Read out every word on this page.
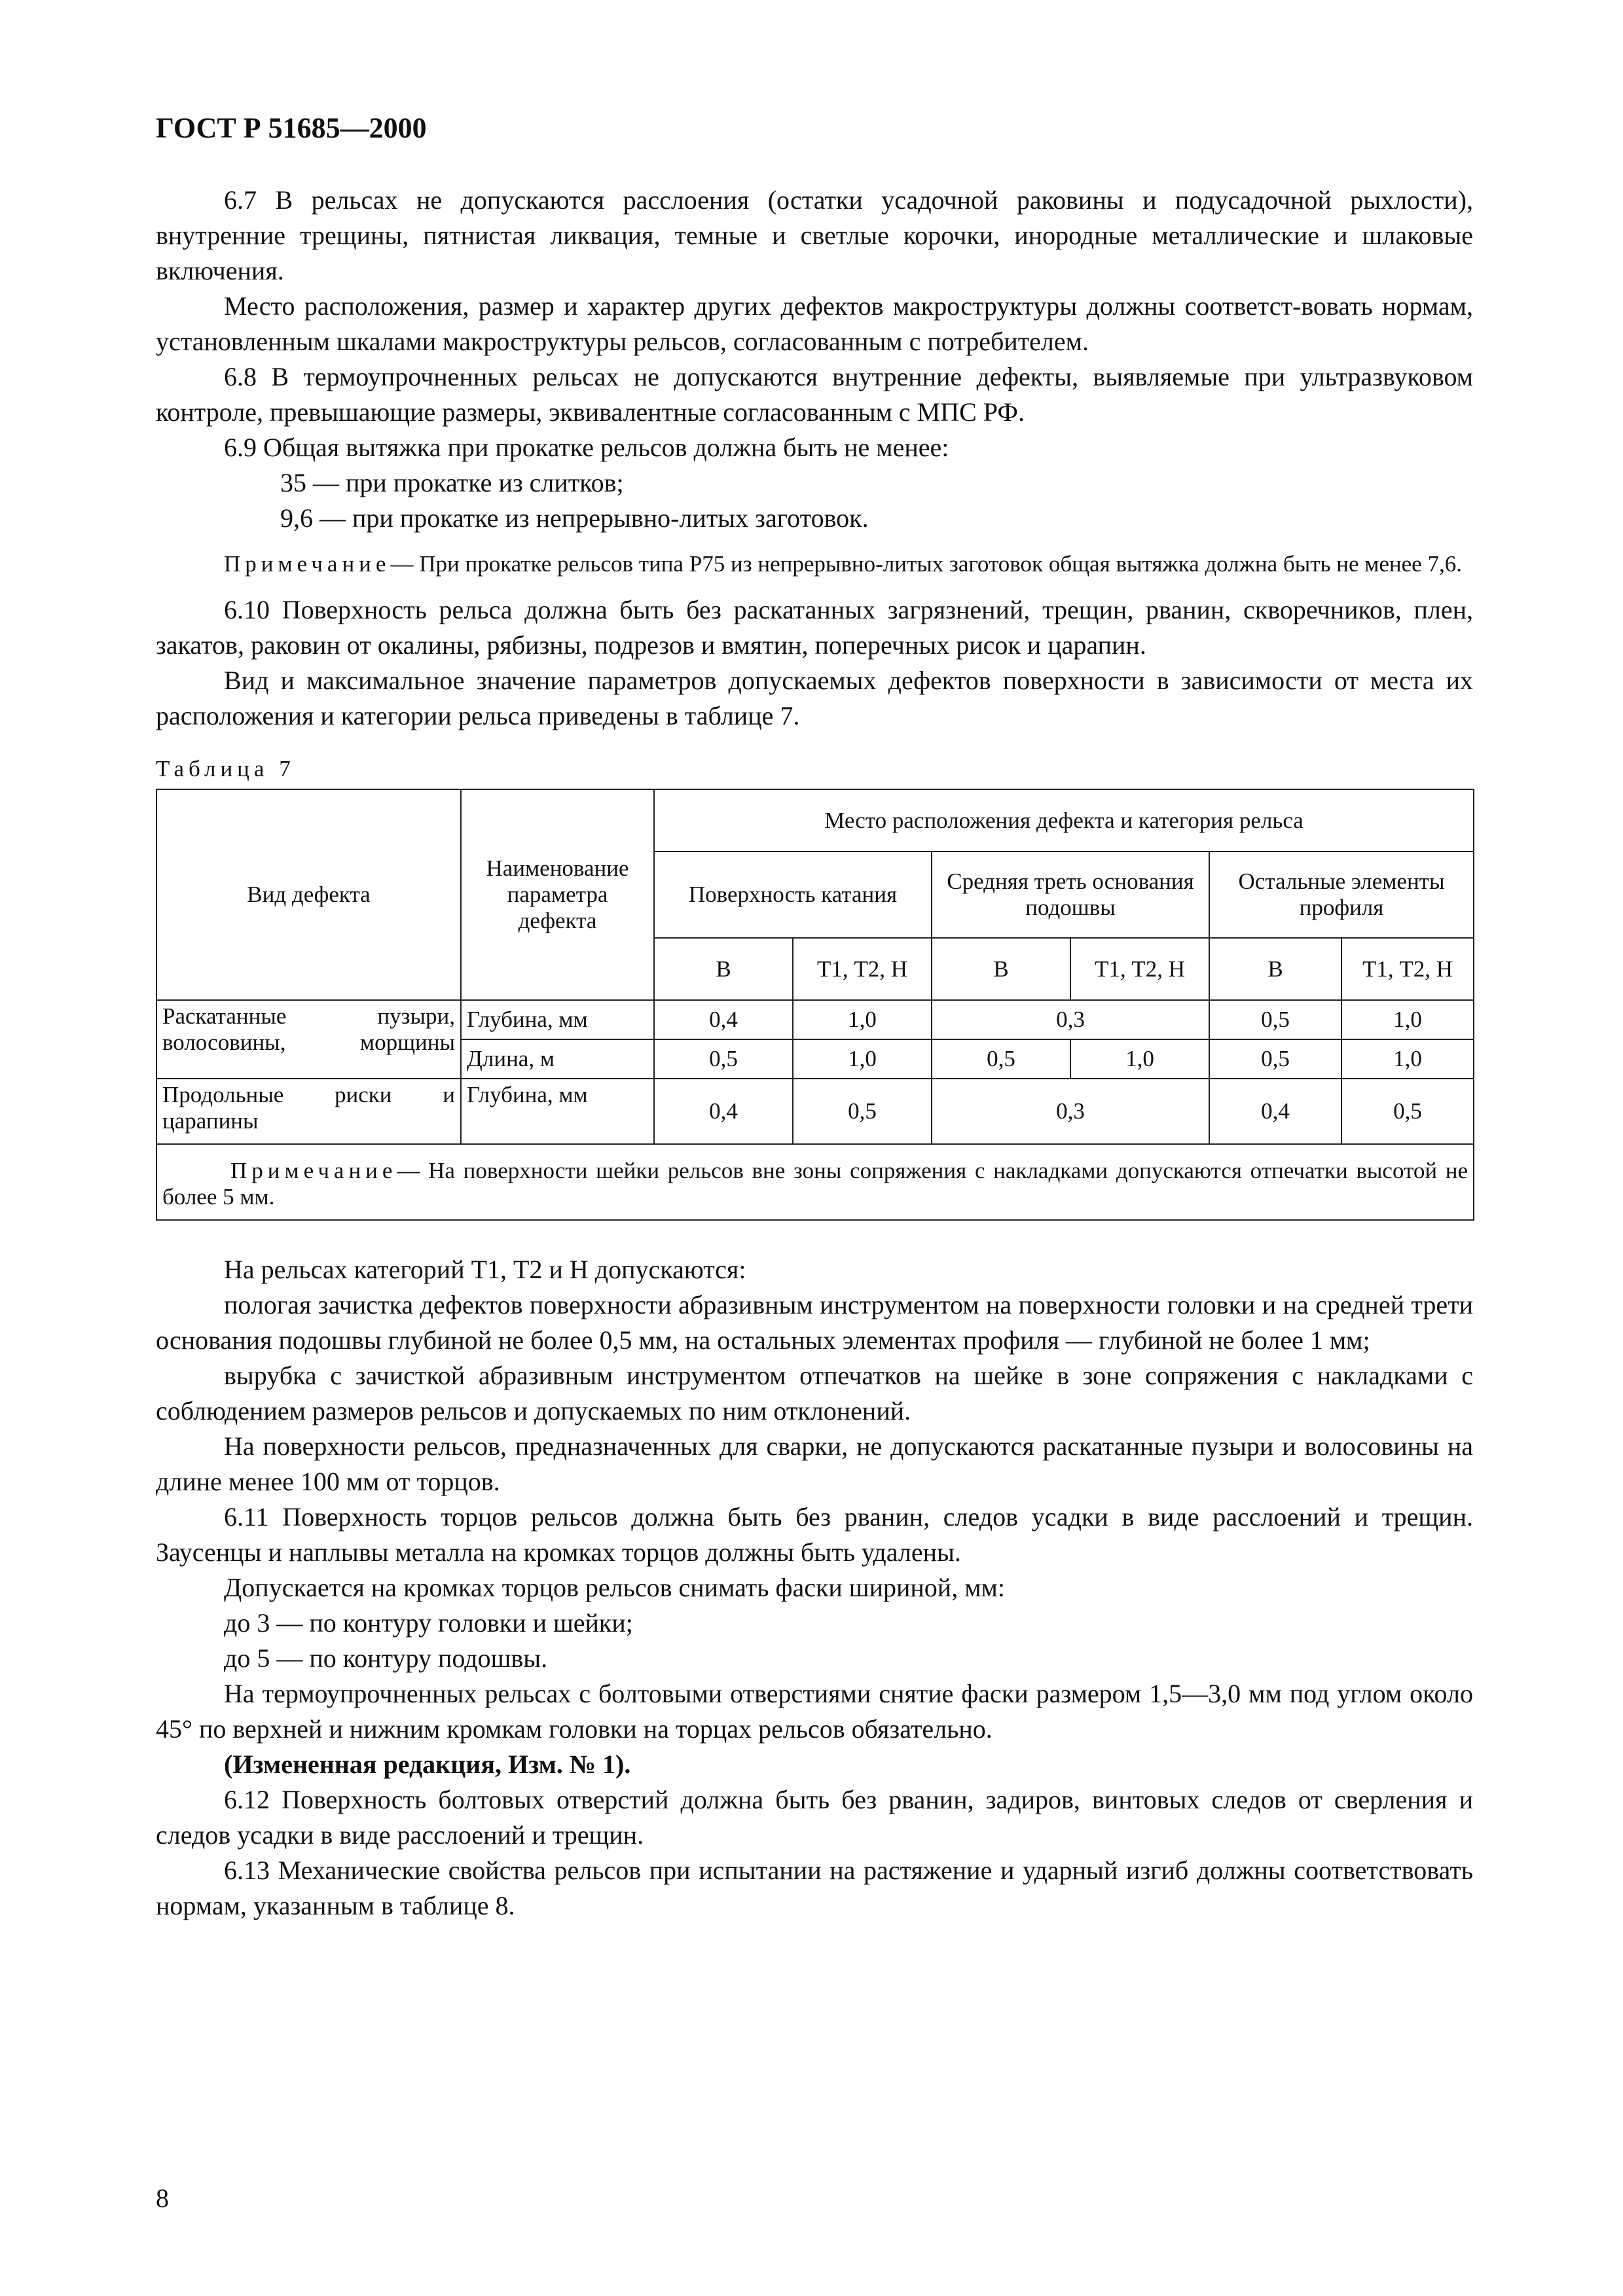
ГОСТ Р 51685—2000

6.7 В рельсах не допускаются расслоения (остатки усадочной раковины и подусадочной рыхлости), внутренние трещины, пятнистая ликвация, темные и светлые корочки, инородные металлические и шлаковые включения.

Место расположения, размер и характер других дефектов макроструктуры должны соответст-вовать нормам, установленным шкалами макроструктуры рельсов, согласованным с потребителем.

6.8 В термоупрочненных рельсах не допускаются внутренние дефекты, выявляемые при ультразвуковом контроле, превышающие размеры, эквивалентные согласованным с МПС РФ.

6.9 Общая вытяжка при прокатке рельсов должна быть не менее:

35 — при прокатке из слитков;

9,6 — при прокатке из непрерывно-литых заготовок.

Примечание— При прокатке рельсов типа Р75 из непрерывно-литых заготовок общая вытяжка должна быть не менее 7,6.

6.10 Поверхность рельса должна быть без раскатанных загрязнений, трещин, рванин, скворечников, плен, закатов, раковин от окалины, рябизны, подрезов и вмятин, поперечных рисок и царапин.

Вид и максимальное значение параметров допускаемых дефектов поверхности в зависимости от места их расположения и категории рельса приведены в таблице 7.

Таблица 7
Вид дефекта	Наименование параметра дефекта	Место расположения дефекта и категория рельса					
		Поверхность катания		Средняя треть основания подошвы		Остальные элементы профиля	
		В	Т1, Т2, Н	В	Т1, Т2, Н	В	Т1, Т2, Н
Раскатанные пузыри, волосовины, морщины	Глубина, мм	0,4	1,0	0,3		0,5	1,0
	Длина, м	0,5	1,0	0,5	1,0	0,5	1,0
Продольные риски и царапины	Глубина, мм	0,4	0,5	0,3		0,4	0,5
Примечание— На поверхности шейки рельсов вне зоны сопряжения с накладками допускаются отпечатки высотой не более 5 мм.							

На рельсах категорий Т1, Т2 и Н допускаются:

пологая зачистка дефектов поверхности абразивным инструментом на поверхности головки и на средней трети основания подошвы глубиной не более 0,5 мм, на остальных элементах профиля — глубиной не более 1 мм;

вырубка с зачисткой абразивным инструментом отпечатков на шейке в зоне сопряжения с накладками с соблюдением размеров рельсов и допускаемых по ним отклонений.

На поверхности рельсов, предназначенных для сварки, не допускаются раскатанные пузыри и волосовины на длине менее 100 мм от торцов.

6.11 Поверхность торцов рельсов должна быть без рванин, следов усадки в виде расслоений и трещин. Заусенцы и наплывы металла на кромках торцов должны быть удалены.

Допускается на кромках торцов рельсов снимать фаски шириной, мм:

до 3 — по контуру головки и шейки;

до 5 — по контуру подошвы.

На термоупрочненных рельсах с болтовыми отверстиями снятие фаски размером 1,5—3,0 мм под углом около 45° по верхней и нижним кромкам головки на торцах рельсов обязательно.

(Измененная редакция, Изм. № 1).

6.12 Поверхность болтовых отверстий должна быть без рванин, задиров, винтовых следов от сверления и следов усадки в виде расслоений и трещин.

6.13 Механические свойства рельсов при испытании на растяжение и ударный изгиб должны соответствовать нормам, указанным в таблице 8.

8
